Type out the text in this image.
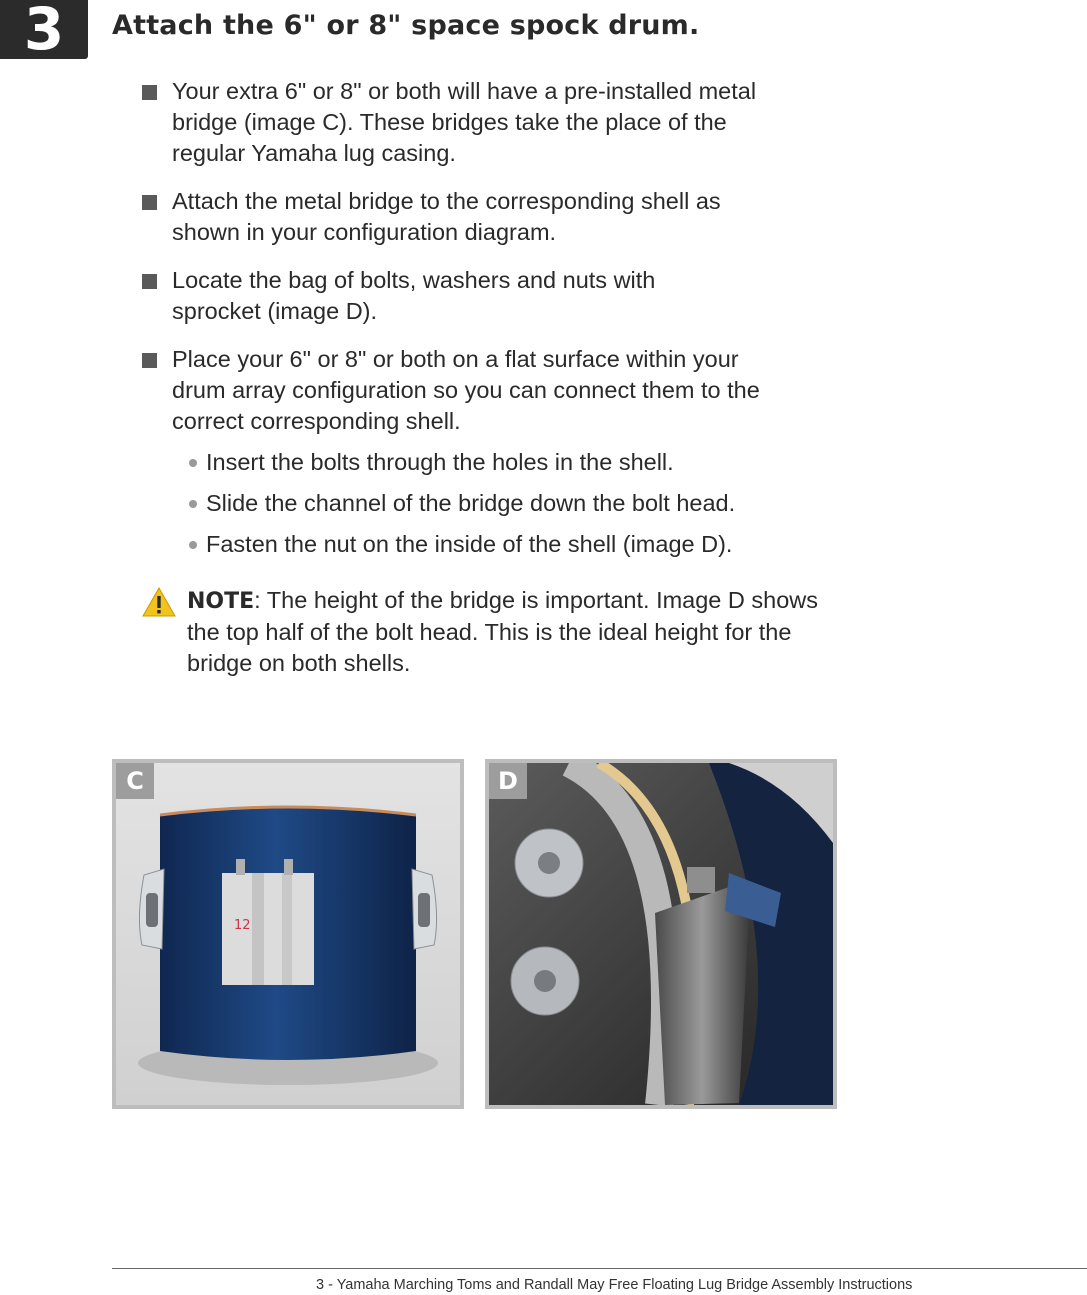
3	Attach the 6" or 8" space spock drum.
Your extra 6" or 8" or both will have a pre-installed metal bridge (image C). These bridges take the place of the regular Yamaha lug casing.
Attach the metal bridge to the corresponding shell as shown in your configuration diagram.
Locate the bag of bolts, washers and nuts with sprocket (image D).
Place your 6" or 8" or both on a flat surface within your drum array configuration so you can connect them to the correct corresponding shell.
Insert the bolts through the holes in the shell.
Slide the channel of the bridge down the bolt head.
Fasten the nut on the inside of the shell (image D).
NOTE: The height of the bridge is important. Image D shows the top half of the bolt head. This is the ideal height for the bridge on both shells.
12
C	D
3 - Yamaha Marching Toms and Randall May Free Floating Lug Bridge Assembly Instructions
